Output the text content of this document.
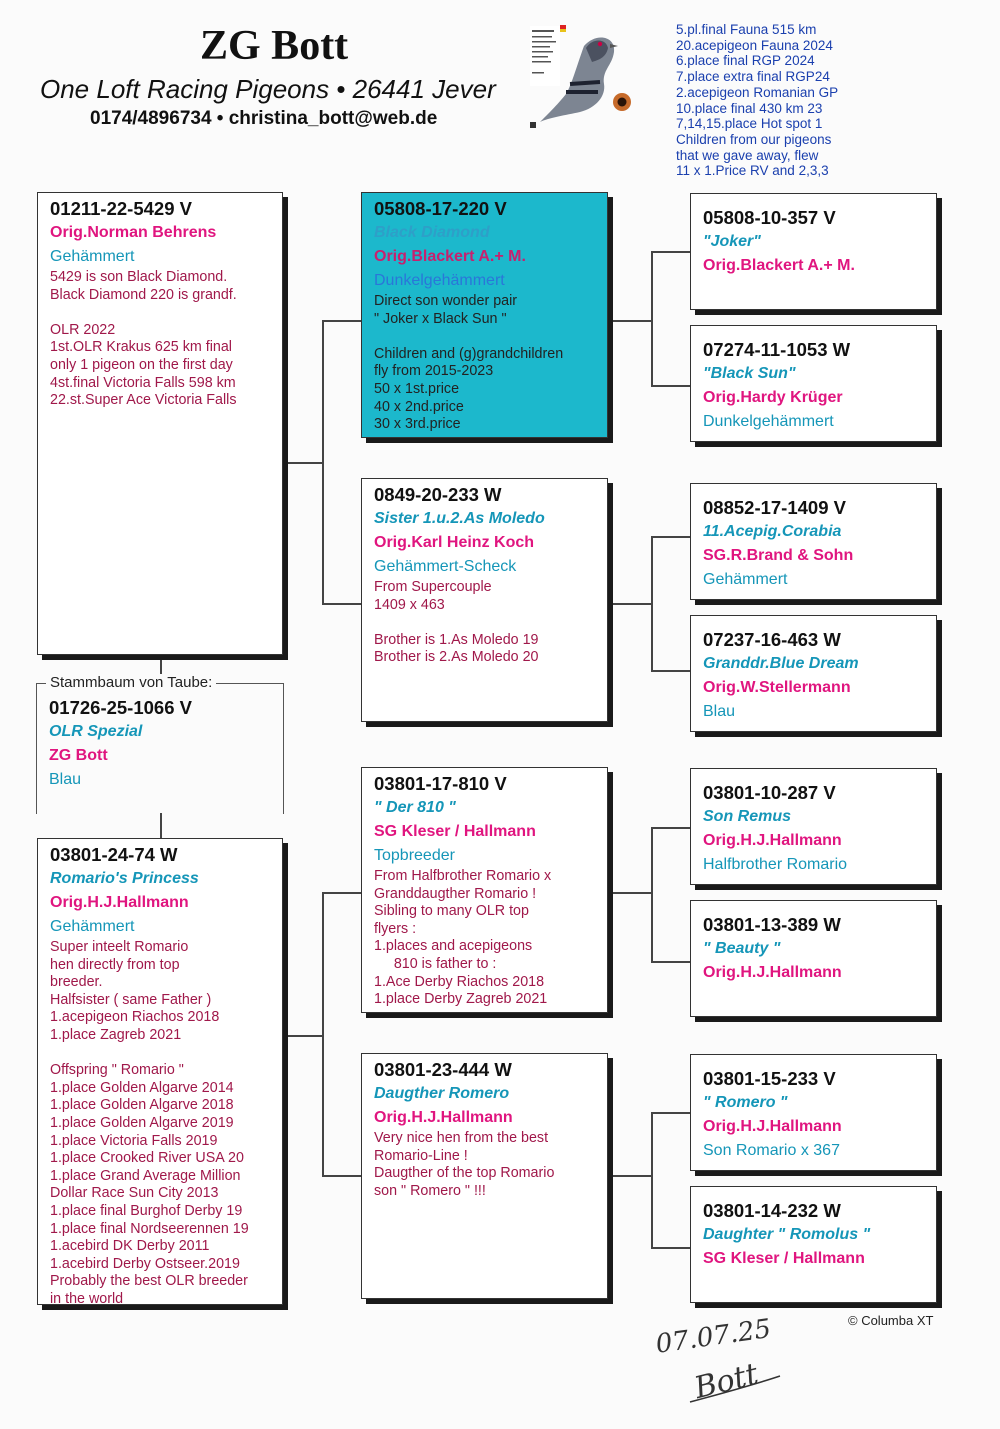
ZG Bott
One Loft Racing Pigeons • 26441 Jever
0174/4896734 • christina_bott@web.de
5.pl.final Fauna 515 km
20.acepigeon Fauna 2024
6.place final RGP 2024
7.place extra final RGP24
2.acepigeon Romanian GP
10.place final 430 km 23
7,14,15.place Hot spot 1
Children from our pigeons
that we gave away, flew
11 x 1.Price RV and 2,3,3
Stammbaum von Taube:
01726-25-1066 V
OLR Spezial
ZG Bott
Blau
01211-22-5429 V
Orig.Norman Behrens
Gehämmert
5429 is son Black Diamond.
Black Diamond 220 is grandf.
OLR 2022
1st.OLR Krakus 625 km final
only 1 pigeon on the first day
4st.final Victoria Falls 598 km
22.st.Super Ace Victoria Falls
03801-24-74 W
Romario's Princess
Orig.H.J.Hallmann
Gehämmert
Super inteelt Romario
hen directly from top
breeder.
Halfsister ( same Father )
1.acepigeon Riachos 2018
1.place Zagreb 2021
Offspring " Romario "
1.place Golden Algarve 2014
1.place Golden Algarve 2018
1.place Golden Algarve 2019
1.place Victoria Falls 2019
1.place Crooked River USA 20
1.place Grand Average Million
Dollar Race Sun City 2013
1.place final Burghof Derby 19
1.place final Nordseerennen 19
1.acebird DK Derby 2011
1.acebird Derby Ostseer.2019
Probably the best OLR breeder
in the world
05808-17-220 V
Black Diamond
Orig.Blackert A.+ M.
Dunkelgehämmert
Direct son wonder pair
" Joker x Black Sun "
Children and (g)grandchildren
fly from 2015-2023
50 x 1st.price
40 x 2nd.price
30 x 3rd.price
0849-20-233 W
Sister 1.u.2.As Moledo
Orig.Karl Heinz Koch
Gehämmert-Scheck
From Supercouple
1409 x 463
Brother is 1.As Moledo 19
Brother is 2.As Moledo 20
03801-17-810 V
" Der 810 "
SG Kleser / Hallmann
Topbreeder
From Halfbrother Romario x
Granddaugther Romario !
Sibling to many OLR top
flyers :
1.places and acepigeons
810 is father to :
1.Ace Derby Riachos 2018
1.place Derby Zagreb 2021
03801-23-444 W
Daugther Romero
Orig.H.J.Hallmann
Very nice hen from the best
Romario-Line !
Daugther of the top Romario
son " Romero " !!!
05808-10-357 V
"Joker"
Orig.Blackert A.+ M.
07274-11-1053 W
"Black Sun"
Orig.Hardy Krüger
Dunkelgehämmert
08852-17-1409 V
11.Acepig.Corabia
SG.R.Brand & Sohn
Gehämmert
07237-16-463 W
Granddr.Blue Dream
Orig.W.Stellermann
Blau
03801-10-287 V
Son Remus
Orig.H.J.Hallmann
Halfbrother Romario
03801-13-389 W
" Beauty "
Orig.H.J.Hallmann
03801-15-233 V
" Romero "
Orig.H.J.Hallmann
Son Romario x 367
03801-14-232 W
Daughter " Romolus "
SG Kleser / Hallmann
© Columba XT
07.07.25
Bott
